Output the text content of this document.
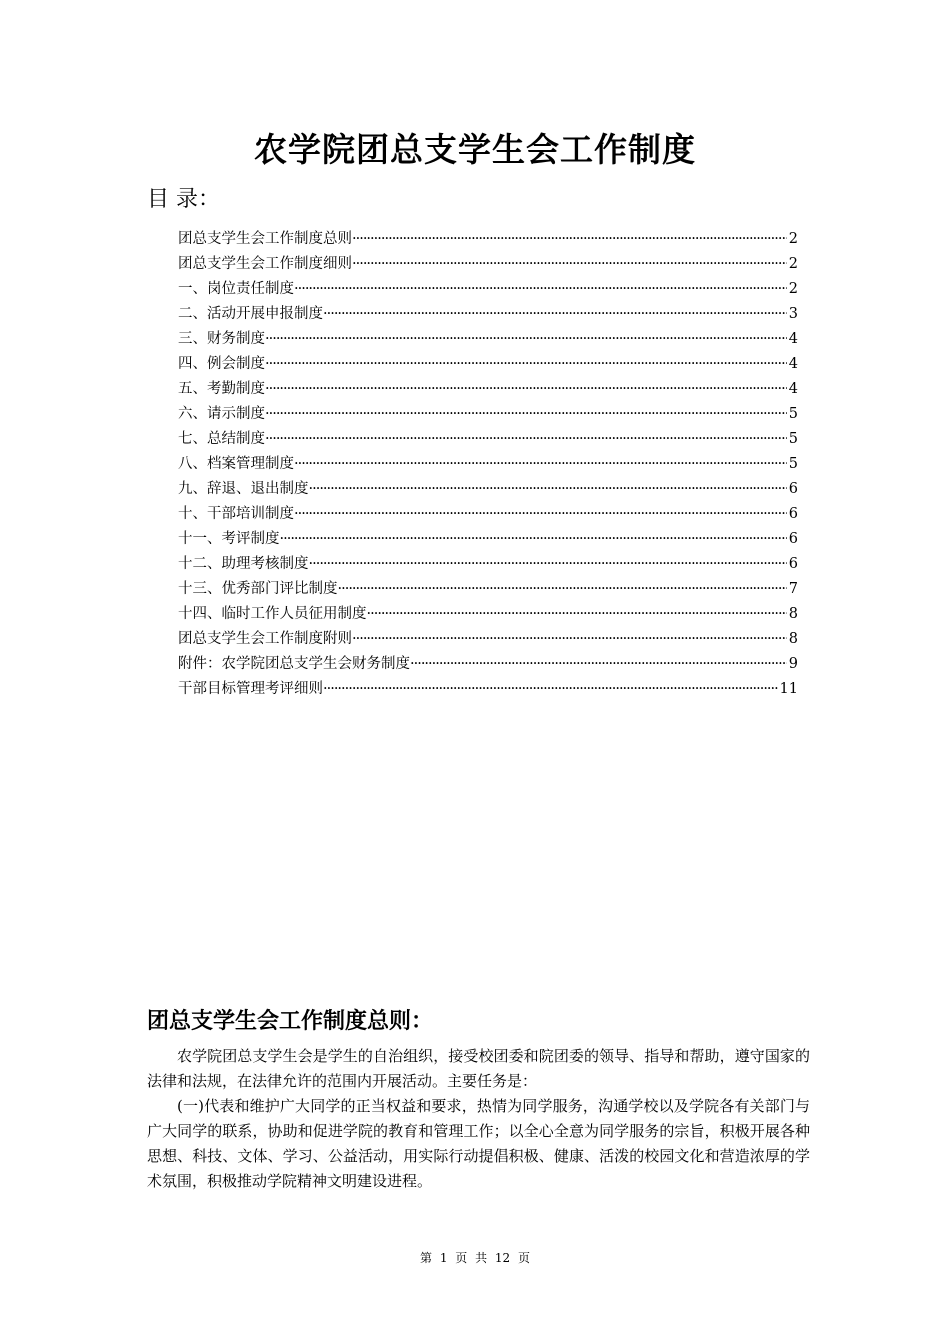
农学院团总支学生会工作制度
目 录：
团总支学生会工作制度总则 ·····	2
团总支学生会工作制度细则 ·····	2
一、岗位责任制度 ·····	2
二、活动开展申报制度 ·····	3
三、财务制度 ·····	4
四、例会制度 ·····	4
五、考勤制度 ·····	4
六、请示制度 ·····	5
七、总结制度 ·····	5
八、档案管理制度 ·····	5
九、辞退、退出制度 ·····	6
十、干部培训制度 ·····	6
十一、考评制度 ·····	6
十二、助理考核制度 ·····	6
十三、优秀部门评比制度 ·····	7
十四、临时工作人员征用制度 ·····	8
团总支学生会工作制度附则 ·····	8
附件：农学院团总支学生会财务制度 ·····	9
干部目标管理考评细则 ·····	11
团总支学生会工作制度总则：

农学院团总支学生会是学生的自治组织，接受校团委和院团委的领导、指导和帮助，遵守国家的法律和法规，在法律允许的范围内开展活动。主要任务是：

(一)代表和维护广大同学的正当权益和要求，热情为同学服务，沟通学校以及学院各有关部门与广大同学的联系，协助和促进学院的教育和管理工作；以全心全意为同学服务的宗旨，积极开展各种思想、科技、文体、学习、公益活动，用实际行动提倡积极、健康、活泼的校园文化和营造浓厚的学术氛围，积极推动学院精神文明建设进程。

第 1 页 共 12 页
